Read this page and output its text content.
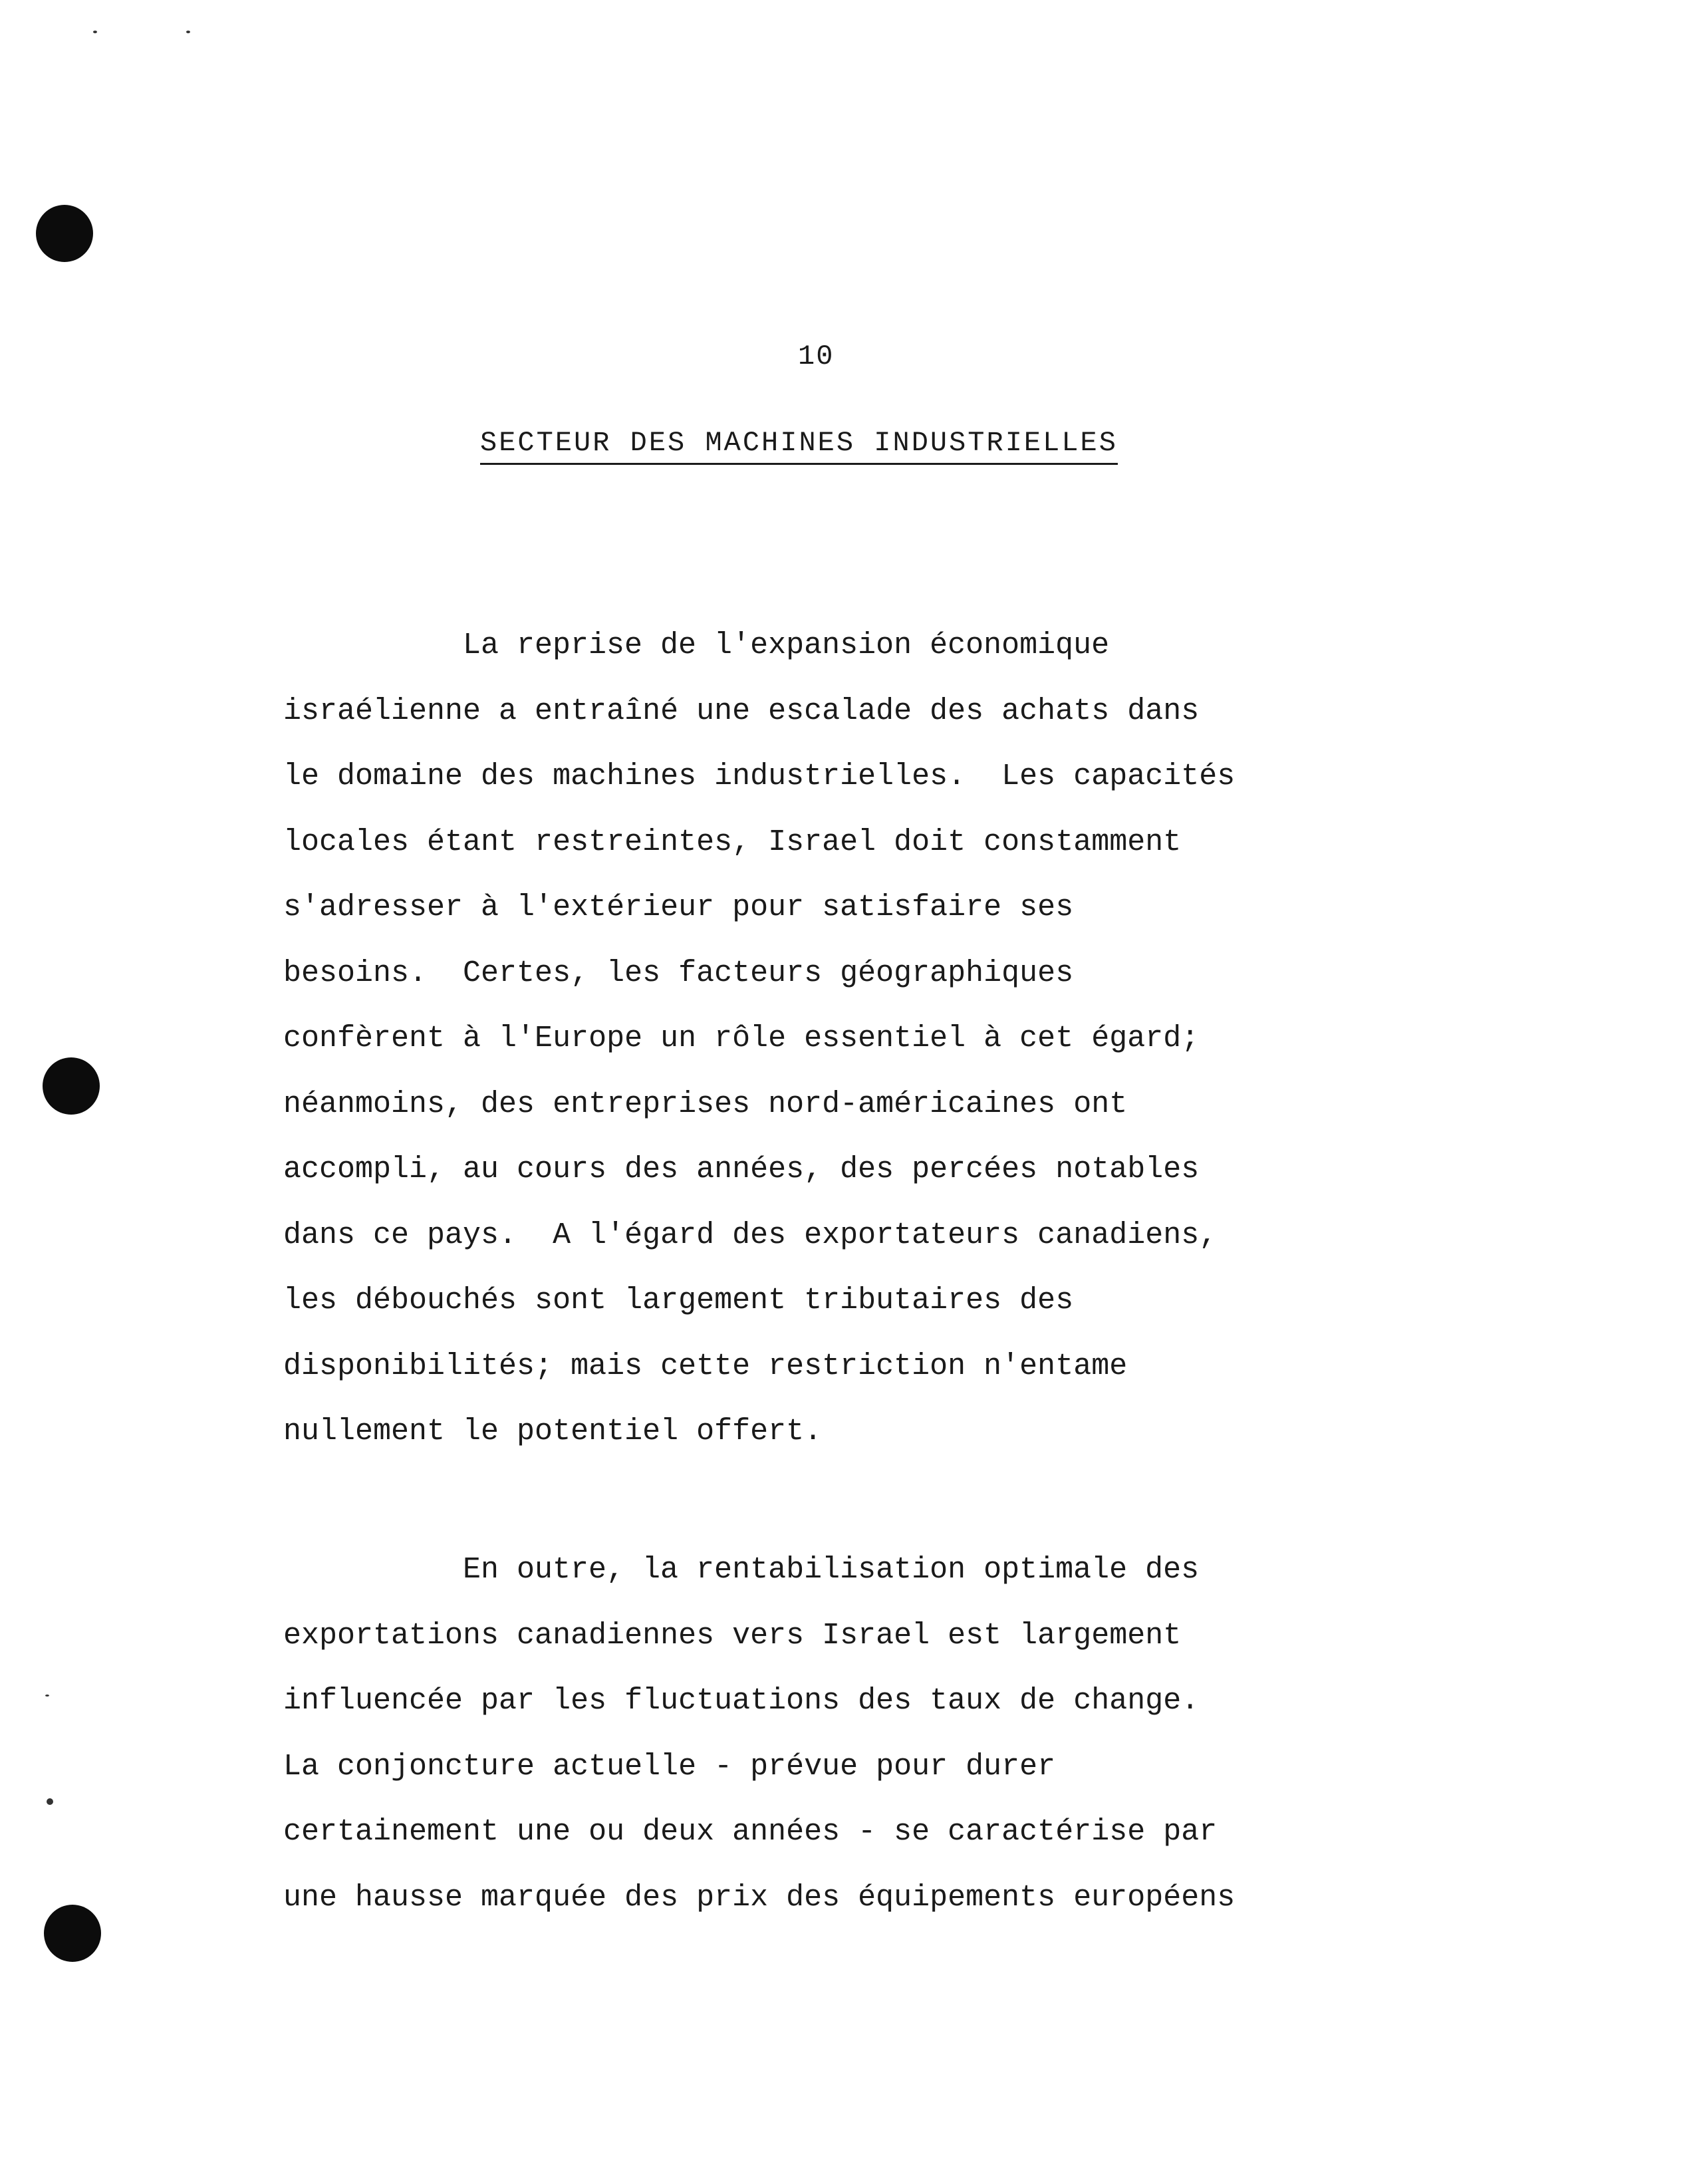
10
SECTEUR DES MACHINES INDUSTRIELLES
La reprise de l'expansion économique
israélienne a entraîné une escalade des achats dans
le domaine des machines industrielles.  Les capacités
locales étant restreintes, Israel doit constamment
s'adresser à l'extérieur pour satisfaire ses
besoins.  Certes, les facteurs géographiques
confèrent à l'Europe un rôle essentiel à cet égard;
néanmoins, des entreprises nord-américaines ont
accompli, au cours des années, des percées notables
dans ce pays.  A l'égard des exportateurs canadiens,
les débouchés sont largement tributaires des
disponibilités; mais cette restriction n'entame
nullement le potentiel offert.
En outre, la rentabilisation optimale des
exportations canadiennes vers Israel est largement
influencée par les fluctuations des taux de change.
La conjoncture actuelle - prévue pour durer
certainement une ou deux années - se caractérise par
une hausse marquée des prix des équipements européens
